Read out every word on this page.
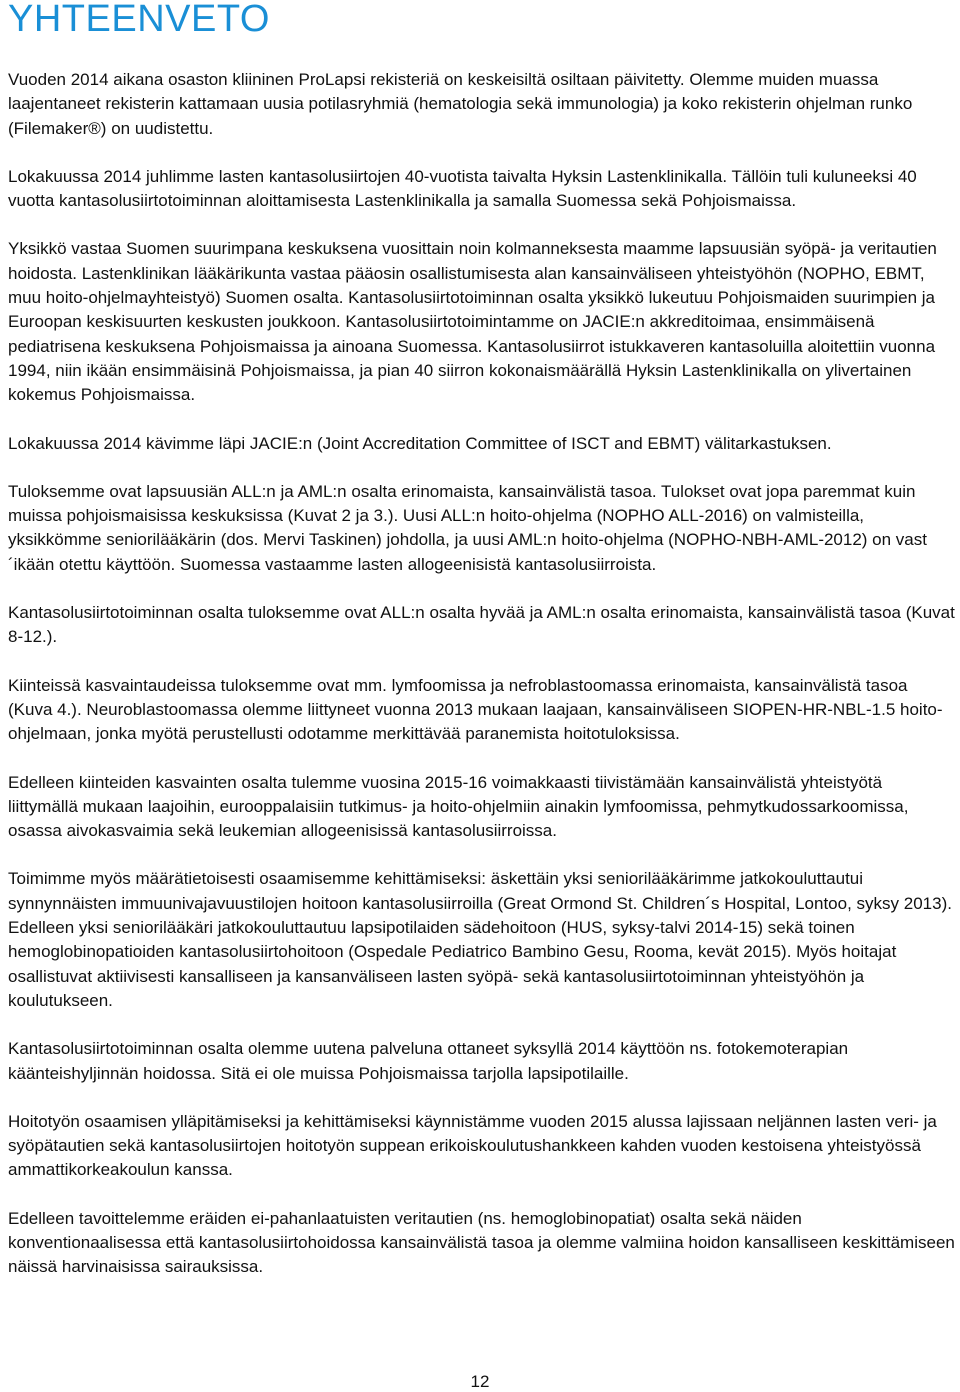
YHTEENVETO

Vuoden 2014 aikana osaston kliininen ProLapsi rekisteriä on keskeisiltä osiltaan päivitetty. Olemme muiden muassa laajentaneet rekisterin kattamaan uusia potilasryhmiä (hematologia sekä immunologia) ja koko rekisterin ohjelman runko (Filemaker®) on uudistettu.

Lokakuussa 2014 juhlimme lasten kantasolusiirtojen 40-vuotista taivalta Hyksin Lastenklinikalla. Tällöin tuli kuluneeksi 40 vuotta kantasolusiirtotoiminnan aloittamisesta Lastenklinikalla ja samalla Suomessa sekä Pohjoismaissa.

Yksikkö vastaa Suomen suurimpana keskuksena vuosittain noin kolmanneksesta maamme lapsuusiän syöpä- ja veritautien hoidosta. Lastenklinikan lääkärikunta vastaa pääosin osallistumisesta alan kansainväliseen yhteistyöhön (NOPHO, EBMT, muu hoito-ohjelmayhteistyö) Suomen osalta. Kantasolusiirtotoiminnan osalta yksikkö lukeutuu Pohjoismaiden suurimpien ja Euroopan keskisuurten keskusten joukkoon. Kantasolusiirtotoimintamme on JACIE:n akkreditoimaa, ensimmäisenä pediatrisena keskuksena Pohjoismaissa ja ainoana Suomessa. Kantasolusiirrot istukkaveren kantasoluilla aloitettiin vuonna 1994, niin ikään ensimmäisinä Pohjoismaissa, ja pian 40 siirron kokonaismäärällä Hyksin Lastenklinikalla on ylivertainen kokemus Pohjoismaissa.

Lokakuussa 2014 kävimme läpi JACIE:n (Joint Accreditation Committee of ISCT and EBMT) välitarkastuksen.

Tuloksemme ovat lapsuusiän ALL:n ja AML:n osalta erinomaista, kansainvälistä tasoa. Tulokset ovat jopa paremmat kuin muissa pohjoismaisissa keskuksissa (Kuvat 2 ja 3.). Uusi ALL:n hoito-ohjelma (NOPHO ALL-2016) on valmisteilla, yksikkömme seniorilääkärin (dos. Mervi Taskinen) johdolla, ja uusi AML:n hoito-ohjelma (NOPHO-NBH-AML-2012) on vast´ikään otettu käyttöön. Suomessa vastaamme lasten allogeenisistä kantasolusiirroista.

Kantasolusiirtotoiminnan osalta tuloksemme ovat ALL:n osalta hyvää ja AML:n osalta erinomaista, kansainvälistä tasoa (Kuvat 8-12.).

Kiinteissä kasvaintaudeissa tuloksemme ovat mm. lymfoomissa ja nefroblastoomassa erinomaista, kansainvälistä tasoa (Kuva 4.). Neuroblastoomassa olemme liittyneet vuonna 2013 mukaan laajaan, kansainväliseen SIOPEN-HR-NBL-1.5 hoito-ohjelmaan, jonka myötä perustellusti odotamme merkittävää paranemista hoitotuloksissa.

Edelleen kiinteiden kasvainten osalta tulemme vuosina 2015-16 voimakkaasti tiivistämään kansainvälistä yhteistyötä liittymällä mukaan laajoihin, eurooppalaisiin tutkimus- ja hoito-ohjelmiin ainakin lymfoomissa, pehmytkudossarkoomissa, osassa aivokasvaimia sekä leukemian allogeenisissä kantasolusiirroissa.

Toimimme myös määrätietoisesti osaamisemme kehittämiseksi: äskettäin yksi seniorilääkärimme jatkokouluttautui synnynnäisten immuunivajavuustilojen hoitoon kantasolusiirroilla (Great Ormond St. Children´s Hospital, Lontoo, syksy 2013). Edelleen yksi seniorilääkäri jatkokouluttautuu lapsipotilaiden sädehoitoon (HUS, syksy-talvi 2014-15) sekä toinen hemoglobinopatioiden kantasolusiirtohoitoon (Ospedale Pediatrico Bambino Gesu, Rooma, kevät 2015). Myös hoitajat osallistuvat aktiivisesti kansalliseen ja kansanväliseen lasten syöpä- sekä kantasolusiirtotoiminnan yhteistyöhön ja koulutukseen.

Kantasolusiirtotoiminnan osalta olemme uutena palveluna ottaneet syksyllä 2014 käyttöön ns. fotokemoterapian käänteishyljinnän hoidossa. Sitä ei ole muissa Pohjoismaissa tarjolla lapsipotilaille.

Hoitotyön osaamisen ylläpitämiseksi ja kehittämiseksi käynnistämme vuoden 2015 alussa lajissaan neljännen lasten veri- ja syöpätautien sekä kantasolusiirtojen hoitotyön suppean erikoiskoulutushankkeen kahden vuoden kestoisena yhteistyössä ammattikorkeakoulun kanssa.

Edelleen tavoittelemme eräiden ei-pahanlaatuisten veritautien (ns. hemoglobinopatiat) osalta sekä näiden konventionaalisessa että kantasolusiirtohoidossa kansainvälistä tasoa ja olemme valmiina hoidon kansalliseen keskittämiseen näissä harvinaisissa sairauksissa.

12
